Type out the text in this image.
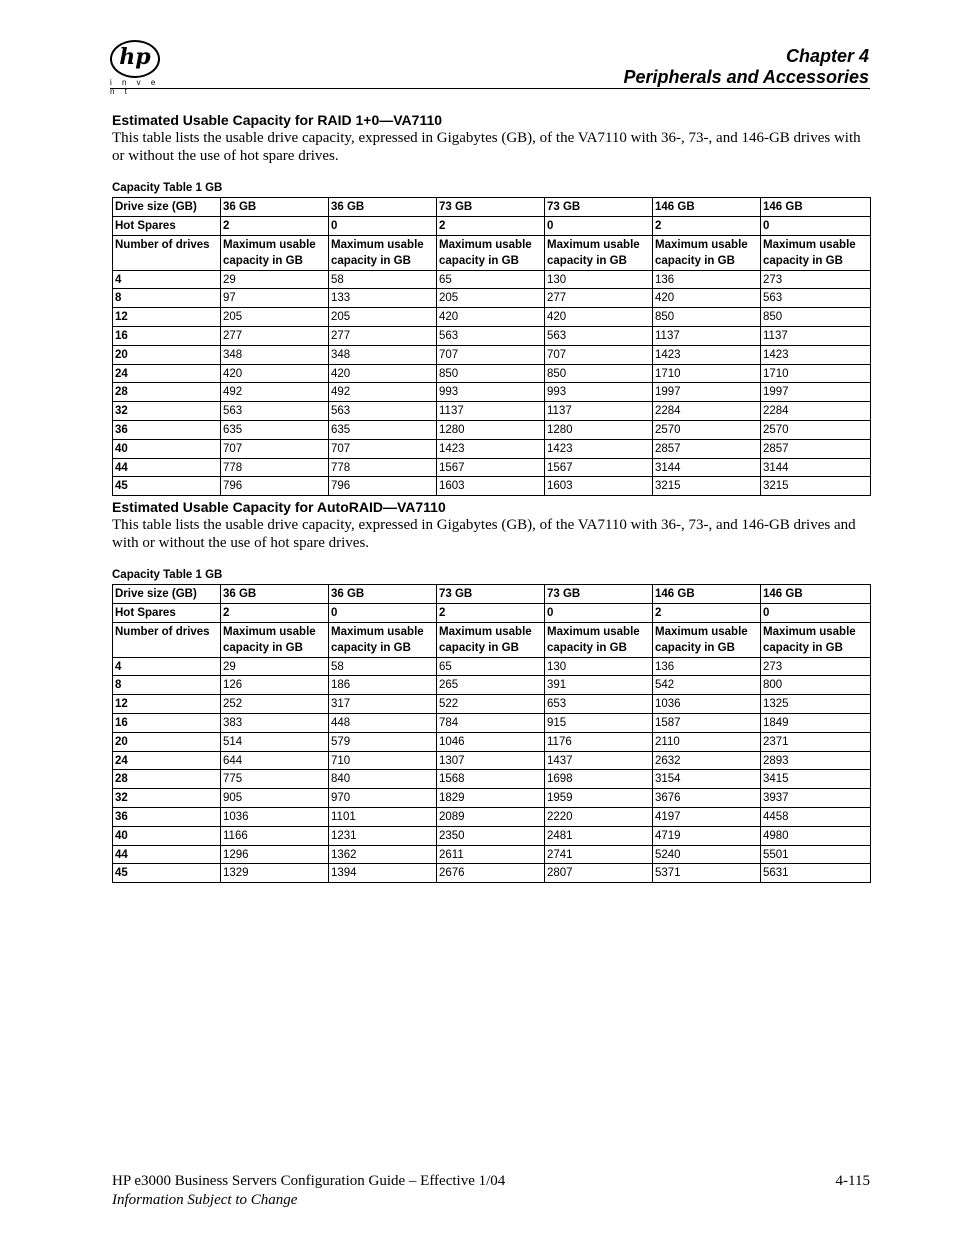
hp
i n v e n t
Chapter 4
Peripherals and Accessories
Estimated Usable Capacity for RAID 1+0—VA7110

This table lists the usable drive capacity, expressed in Gigabytes (GB), of the VA7110 with 36-, 73-, and 146-GB drives with or without the use of hot spare drives.

Capacity Table 1 GB
Drive size (GB)	36 GB	36 GB	73 GB	73 GB	146 GB	146 GB
Hot Spares	2	0	2	0	2	0
Number of drives	Maximum usable capacity in GB	Maximum usable capacity in GB	Maximum usable capacity in GB	Maximum usable capacity in GB	Maximum usable capacity in GB	Maximum usable capacity in GB
4	29	58	65	130	136	273
8	97	133	205	277	420	563
12	205	205	420	420	850	850
16	277	277	563	563	1137	1137
20	348	348	707	707	1423	1423
24	420	420	850	850	1710	1710
28	492	492	993	993	1997	1997
32	563	563	1137	1137	2284	2284
36	635	635	1280	1280	2570	2570
40	707	707	1423	1423	2857	2857
44	778	778	1567	1567	3144	3144
45	796	796	1603	1603	3215	3215
Estimated Usable Capacity for AutoRAID—VA7110

This table lists the usable drive capacity, expressed in Gigabytes (GB), of the VA7110 with 36-, 73-, and 146-GB drives and with or without the use of hot spare drives.

Capacity Table 1 GB
Drive size (GB)	36 GB	36 GB	73 GB	73 GB	146 GB	146 GB
Hot Spares	2	0	2	0	2	0
Number of drives	Maximum usable capacity in GB	Maximum usable capacity in GB	Maximum usable capacity in GB	Maximum usable capacity in GB	Maximum usable capacity in GB	Maximum usable capacity in GB
4	29	58	65	130	136	273
8	126	186	265	391	542	800
12	252	317	522	653	1036	1325
16	383	448	784	915	1587	1849
20	514	579	1046	1176	2110	2371
24	644	710	1307	1437	2632	2893
28	775	840	1568	1698	3154	3415
32	905	970	1829	1959	3676	3937
36	1036	1101	2089	2220	4197	4458
40	1166	1231	2350	2481	4719	4980
44	1296	1362	2611	2741	5240	5501
45	1329	1394	2676	2807	5371	5631
HP e3000 Business Servers Configuration Guide – Effective 1/04	4-115
Information Subject to Change
